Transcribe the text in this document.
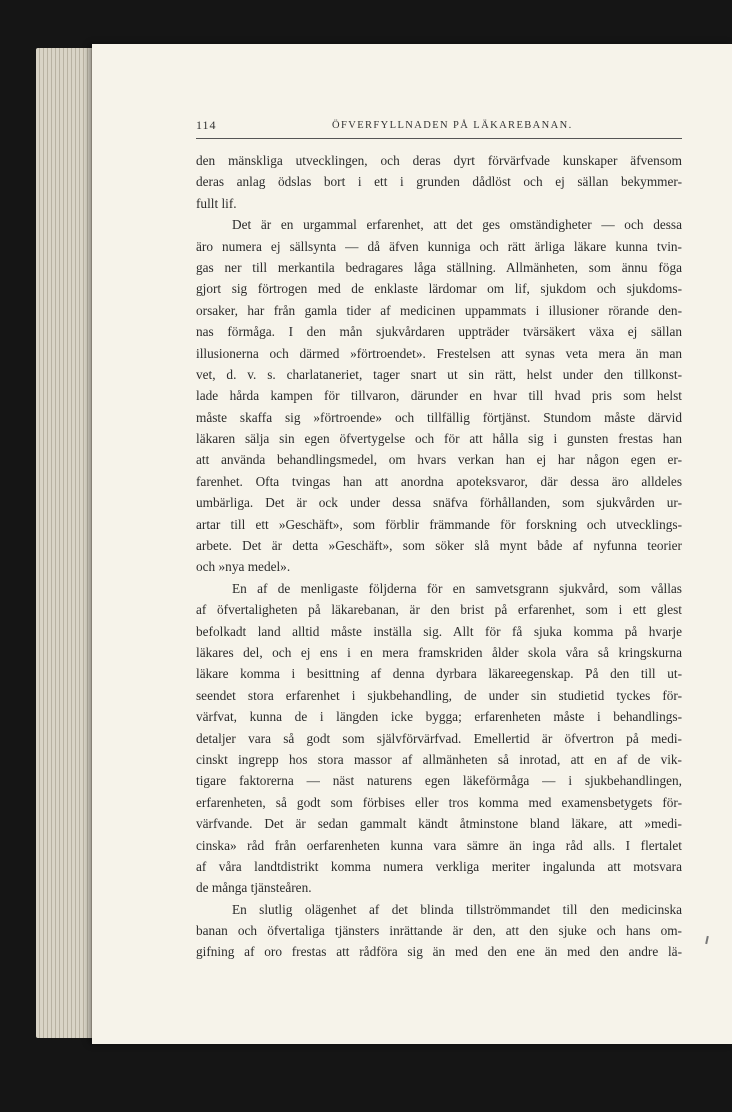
114	ÖFVERFYLLNADEN PÅ LÄKAREBANAN.
den mänskliga utvecklingen, och deras dyrt förvärfvade kunskaper äfvensom
deras anlag ödslas bort i ett i grunden dådlöst och ej sällan bekymmer-
fullt lif.
Det är en urgammal erfarenhet, att det ges omständigheter — och dessa
äro numera ej sällsynta — då äfven kunniga och rätt ärliga läkare kunna tvin-
gas ner till merkantila bedragares låga ställning. Allmänheten, som ännu föga
gjort sig förtrogen med de enklaste lärdomar om lif, sjukdom och sjukdoms-
orsaker, har från gamla tider af medicinen uppammats i illusioner rörande den-
nas förmåga. I den mån sjukvårdaren uppträder tvärsäkert växa ej sällan
illusionerna och därmed »förtroendet». Frestelsen att synas veta mera än man
vet, d. v. s. charlataneriet, tager snart ut sin rätt, helst under den tillkonst-
lade hårda kampen för tillvaron, därunder en hvar till hvad pris som helst
måste skaffa sig »förtroende» och tillfällig förtjänst. Stundom måste därvid
läkaren sälja sin egen öfvertygelse och för att hålla sig i gunsten frestas han
att använda behandlingsmedel, om hvars verkan han ej har någon egen er-
farenhet. Ofta tvingas han att anordna apoteksvaror, där dessa äro alldeles
umbärliga. Det är ock under dessa snäfva förhållanden, som sjukvården ur-
artar till ett »Geschäft», som förblir främmande för forskning och utvecklings-
arbete. Det är detta »Geschäft», som söker slå mynt både af nyfunna teorier
och »nya medel».
En af de menligaste följderna för en samvetsgrann sjukvård, som vållas
af öfvertaligheten på läkarebanan, är den brist på erfarenhet, som i ett glest
befolkadt land alltid måste inställa sig. Allt för få sjuka komma på hvarje
läkares del, och ej ens i en mera framskriden ålder skola våra så kringskurna
läkare komma i besittning af denna dyrbara läkareegenskap. På den till ut-
seendet stora erfarenhet i sjukbehandling, de under sin studietid tyckes för-
värfvat, kunna de i längden icke bygga; erfarenheten måste i behandlings-
detaljer vara så godt som självförvärfvad. Emellertid är öfvertron på medi-
cinskt ingrepp hos stora massor af allmänheten så inrotad, att en af de vik-
tigare faktorerna — näst naturens egen läkeförmåga — i sjukbehandlingen,
erfarenheten, så godt som förbises eller tros komma med examensbetygets för-
värfvande. Det är sedan gammalt kändt åtminstone bland läkare, att »medi-
cinska» råd från oerfarenheten kunna vara sämre än inga råd alls. I flertalet
af våra landtdistrikt komma numera verkliga meriter ingalunda att motsvara
de många tjänsteåren.
En slutlig olägenhet af det blinda tillströmmandet till den medicinska
banan och öfvertaliga tjänsters inrättande är den, att den sjuke och hans om-
gifning af oro frestas att rådföra sig än med den ene än med den andre lä-
